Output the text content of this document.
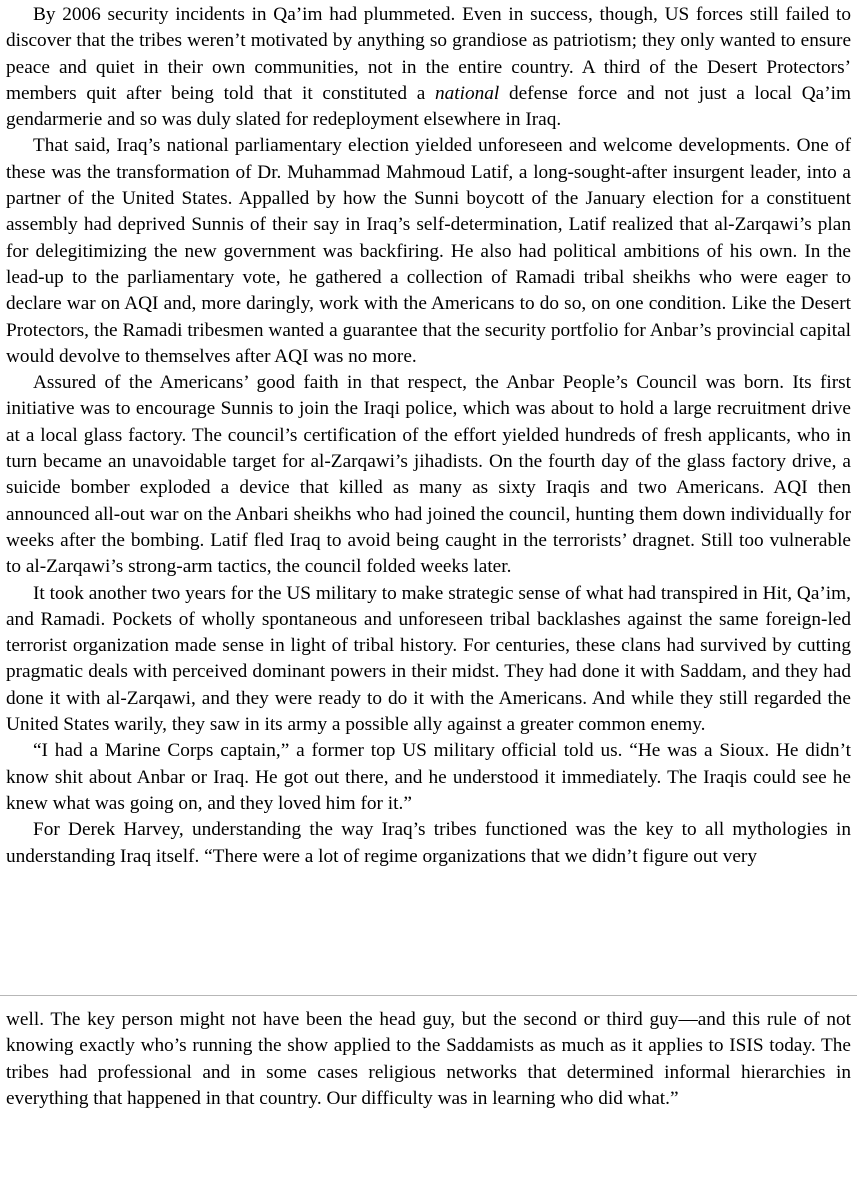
By 2006 security incidents in Qa’im had plummeted. Even in success, though, US forces still failed to discover that the tribes weren’t motivated by anything so grandiose as patriotism; they only wanted to ensure peace and quiet in their own communities, not in the entire country. A third of the Desert Protectors’ members quit after being told that it constituted a national defense force and not just a local Qa’im gendarmerie and so was duly slated for redeployment elsewhere in Iraq.

That said, Iraq’s national parliamentary election yielded unforeseen and welcome developments. One of these was the transformation of Dr. Muhammad Mahmoud Latif, a long-sought-after insurgent leader, into a partner of the United States. Appalled by how the Sunni boycott of the January election for a constituent assembly had deprived Sunnis of their say in Iraq’s self-determination, Latif realized that al-Zarqawi’s plan for delegitimizing the new government was backfiring. He also had political ambitions of his own. In the lead-up to the parliamentary vote, he gathered a collection of Ramadi tribal sheikhs who were eager to declare war on AQI and, more daringly, work with the Americans to do so, on one condition. Like the Desert Protectors, the Ramadi tribesmen wanted a guarantee that the security portfolio for Anbar’s provincial capital would devolve to themselves after AQI was no more.

Assured of the Americans’ good faith in that respect, the Anbar People’s Council was born. Its first initiative was to encourage Sunnis to join the Iraqi police, which was about to hold a large recruitment drive at a local glass factory. The council’s certification of the effort yielded hundreds of fresh applicants, who in turn became an unavoidable target for al-Zarqawi’s jihadists. On the fourth day of the glass factory drive, a suicide bomber exploded a device that killed as many as sixty Iraqis and two Americans. AQI then announced all-out war on the Anbari sheikhs who had joined the council, hunting them down individually for weeks after the bombing. Latif fled Iraq to avoid being caught in the terrorists’ dragnet. Still too vulnerable to al-Zarqawi’s strong-arm tactics, the council folded weeks later.

It took another two years for the US military to make strategic sense of what had transpired in Hit, Qa’im, and Ramadi. Pockets of wholly spontaneous and unforeseen tribal backlashes against the same foreign-led terrorist organization made sense in light of tribal history. For centuries, these clans had survived by cutting pragmatic deals with perceived dominant powers in their midst. They had done it with Saddam, and they had done it with al-Zarqawi, and they were ready to do it with the Americans. And while they still regarded the United States warily, they saw in its army a possible ally against a greater common enemy.

“I had a Marine Corps captain,” a former top US military official told us. “He was a Sioux. He didn’t know shit about Anbar or Iraq. He got out there, and he understood it immediately. The Iraqis could see he knew what was going on, and they loved him for it.”

For Derek Harvey, understanding the way Iraq’s tribes functioned was the key to all mythologies in understanding Iraq itself. “There were a lot of regime organizations that we didn’t figure out very

well. The key person might not have been the head guy, but the second or third guy—and this rule of not knowing exactly who’s running the show applied to the Saddamists as much as it applies to ISIS today. The tribes had professional and in some cases religious networks that determined informal hierarchies in everything that happened in that country. Our difficulty was in learning who did what.”
